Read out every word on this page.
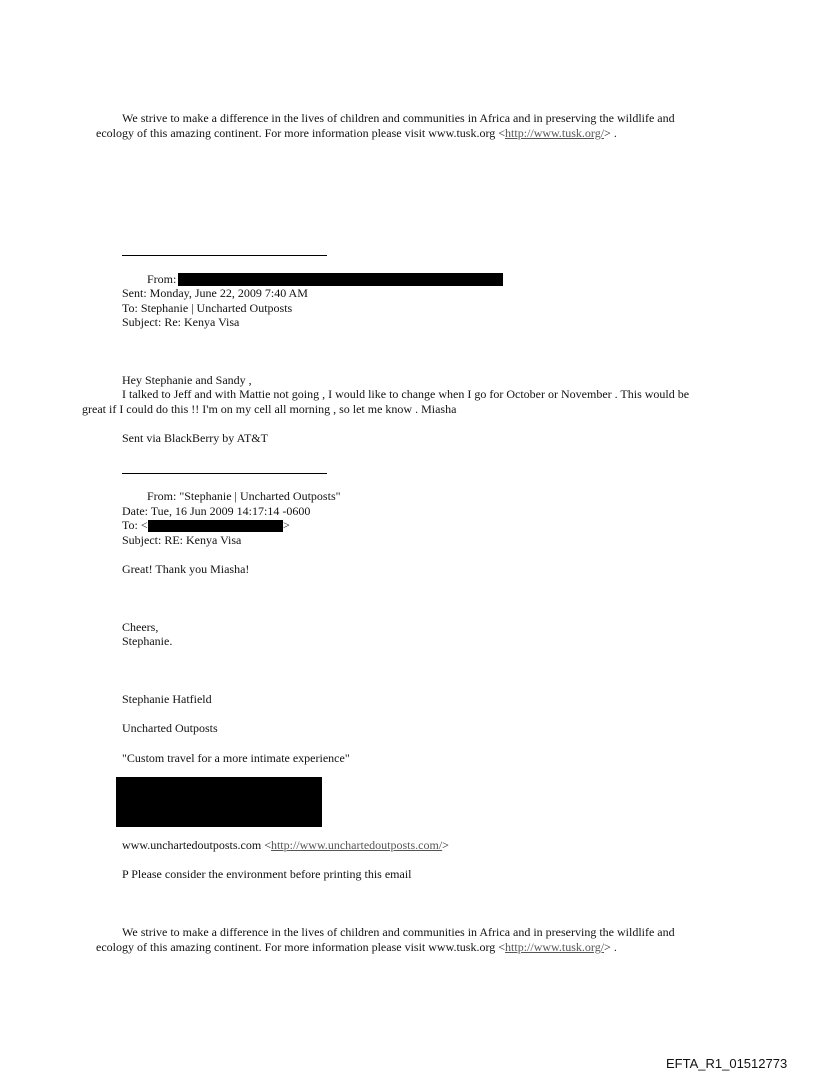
We strive to make a difference in the lives of children and communities in Africa and in preserving the wildlife and
ecology of this amazing continent. For more information please visit www.tusk.org <http://www.tusk.org/> .
From:
Sent: Monday, June 22, 2009 7:40 AM
To: Stephanie | Uncharted Outposts
Subject: Re: Kenya Visa
Hey Stephanie and Sandy ,
I talked to Jeff and with Mattie not going , I would like to change when I go for October or November . This would be
great if I could do this !! I'm on my cell all morning , so let me know . Miasha
Sent via BlackBerry by AT&T
From: "Stephanie | Uncharted Outposts"
Date: Tue, 16 Jun 2009 14:17:14 -0600
To: <	>
Subject: RE: Kenya Visa
Great! Thank you Miasha!
Cheers,
Stephanie.
Stephanie Hatfield
Uncharted Outposts
"Custom travel for a more intimate experience"
www.unchartedoutposts.com <http://www.unchartedoutposts.com/>
P Please consider the environment before printing this email
We strive to make a difference in the lives of children and communities in Africa and in preserving the wildlife and
ecology of this amazing continent. For more information please visit www.tusk.org <http://www.tusk.org/> .
EFTA_R1_01512773
